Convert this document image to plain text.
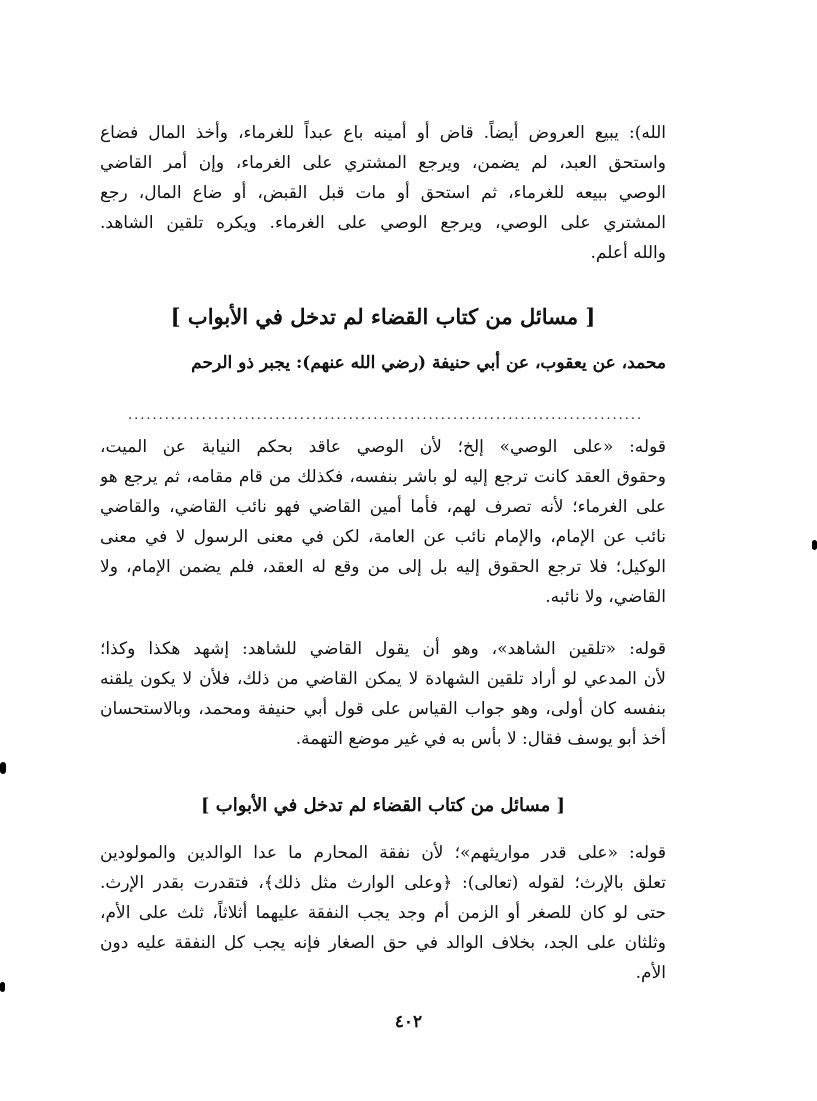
الله): يبيع العروض أيضاً. قاض أو أمينه باع عبداً للغرماء، وأخذ المال فضاع
واستحق العبد، لم يضمن، ويرجع المشتري على الغرماء، وإن أمر القاضي
الوصي ببيعه للغرماء، ثم استحق أو مات قبل القبض، أو ضاع المال، رجع
المشتري على الوصي، ويرجع الوصي على الغرماء. ويكره تلقين الشاهد.
والله أعلم.
[ مسائل من كتاب القضاء لم تدخل في الأبواب ]
محمد، عن يعقوب، عن أبي حنيفة (رضي الله عنهم): يجبر ذو الرحم
....................................................................................
قوله: «على الوصي» إلخ؛ لأن الوصي عاقد بحكم النيابة عن الميت،
وحقوق العقد كانت ترجع إليه لو باشر بنفسه، فكذلك من قام مقامه، ثم يرجع هو
على الغرماء؛ لأنه تصرف لهم، فأما أمين القاضي فهو نائب القاضي، والقاضي
نائب عن الإمام، والإمام نائب عن العامة، لكن في معنى الرسول لا في معنى
الوكيل؛ فلا ترجع الحقوق إليه بل إلى من وقع له العقد، فلم يضمن الإمام، ولا
القاضي، ولا نائبه.
قوله: «تلقين الشاهد»، وهو أن يقول القاضي للشاهد: إشهد هكذا وكذا؛
لأن المدعي لو أراد تلقين الشهادة لا يمكن القاضي من ذلك، فلأن لا يكون يلقنه
بنفسه كان أولى، وهو جواب القياس على قول أبي حنيفة ومحمد، وبالاستحسان
أخذ أبو يوسف فقال: لا بأس به في غير موضع التهمة.
[ مسائل من كتاب القضاء لم تدخل في الأبواب ]
قوله: «على قدر مواريثهم»؛ لأن نفقة المحارم ما عدا الوالدين والمولودين
تعلق بالإرث؛ لقوله (تعالى): ﴿وعلى الوارث مثل ذلك﴾، فتقدرت بقدر الإرث.
حتى لو كان للصغر أو الزمن أم وجد يجب النفقة عليهما أثلاثاً، ثلث على الأم،
وثلثان على الجد، بخلاف الوالد في حق الصغار فإنه يجب كل النفقة عليه دون
الأم.
٤٠٢
